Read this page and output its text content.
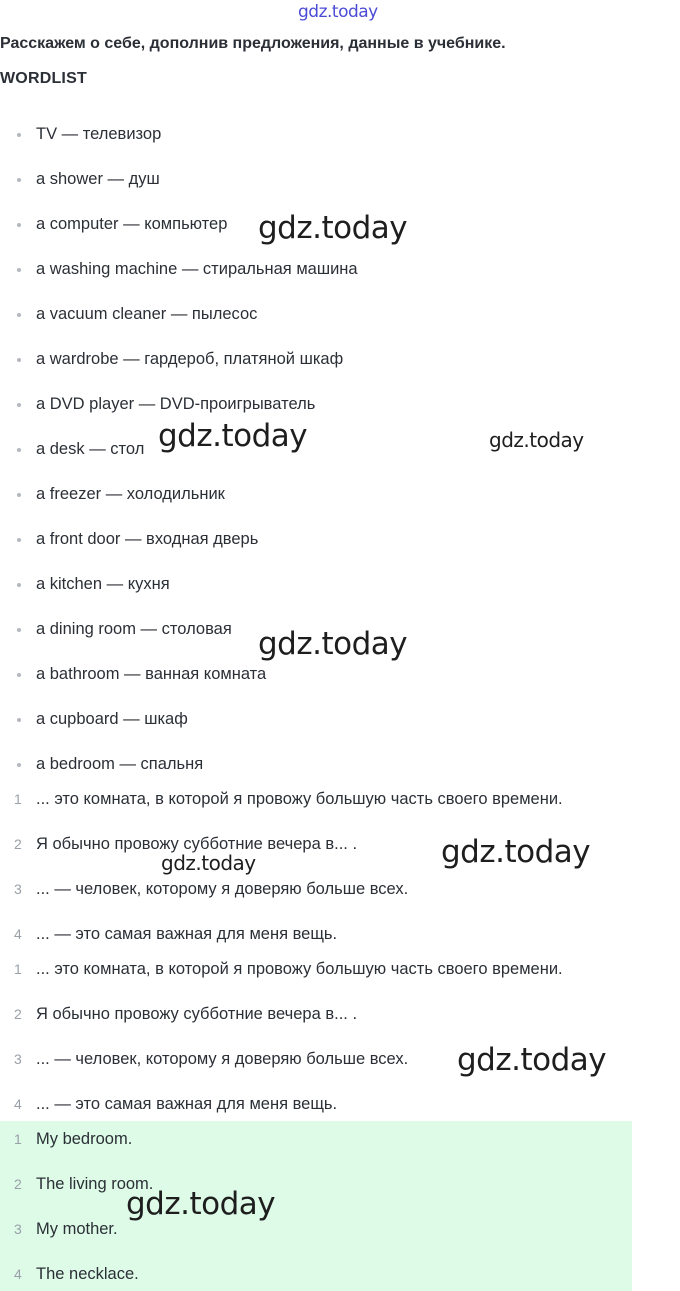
gdz.today
Расскажем о себе, дополнив предложения, данные в учебнике.
WORDLIST
TV — телевизор
a shower — душ
a computer — компьютер
a washing machine — стиральная машина
a vacuum cleaner — пылесос
a wardrobe — гардероб, платяной шкаф
a DVD player — DVD-проигрыватель
a desk — стол
a freezer — холодильник
a front door — входная дверь
a kitchen — кухня
a dining room — столовая
a bathroom — ванная комната
a cupboard — шкаф
a bedroom — спальня
1 ... это комната, в которой я провожу большую часть своего времени.
2 Я обычно провожу субботние вечера в... .
3 ... — человек, которому я доверяю больше всех.
4 ... — это самая важная для меня вещь.
1 ... это комната, в которой я провожу большую часть своего времени.
2 Я обычно провожу субботние вечера в... .
3 ... — человек, которому я доверяю больше всех.
4 ... — это самая важная для меня вещь.
1 My bedroom.
2 The living room.
3 My mother.
4 The necklace.
gdz.today
gdz.today	gdz.today
gdz.today
gdz.today
gdz.today
gdz.today
gdz.today
